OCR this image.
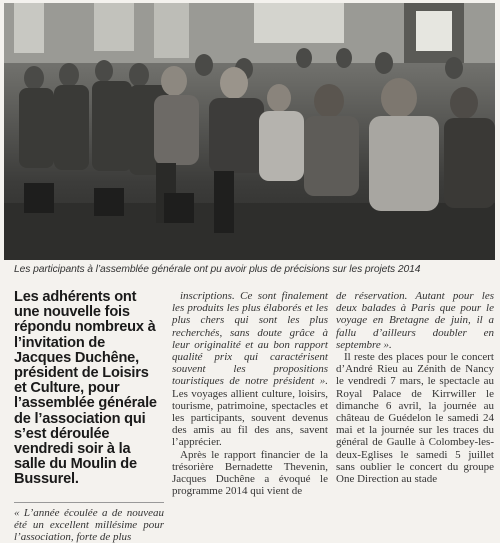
Les participants à l’assemblée générale ont pu avoir plus de précisions sur les projets 2014

Les adhérents ont une nouvelle fois répondu nombreux à l’invitation de Jacques Duchêne, président de Loisirs et Culture, pour l’assemblée générale de l’association qui s’est déroulée vendredi soir à la salle du Moulin de Bussurel.

« L’année écoulée a de nouveau été un excellent millésime pour l’association, forte de plus

inscriptions. Ce sont finalement les produits les plus élaborés et les plus chers qui sont les plus recherchés, sans doute grâce à leur originalité et au bon rapport qualité prix qui caractérisent souvent les propositions touristiques de notre président ». Les voyages allient culture, loisirs, tourisme, patrimoine, spectacles et les participants, souvent devenus des amis au fil des ans, savent l’apprécier.

Après le rapport financier de la trésorière Bernadette Thevenin, Jacques Duchêne a évoqué le programme 2014 qui vient de

de réservation. Autant pour les deux balades à Paris que pour le voyage en Bretagne de juin, il a fallu d’ailleurs doubler en septembre ».

Il reste des places pour le concert d’André Rieu au Zénith de Nancy le vendredi 7 mars, le spectacle au Royal Palace de Kirrwiller le dimanche 6 avril, la journée au château de Guédelon le samedi 24 mai et la journée sur les traces du général de Gaulle à Colombey-les-deux-Eglises le samedi 5 juillet sans oublier le concert du groupe One Direction au stade
